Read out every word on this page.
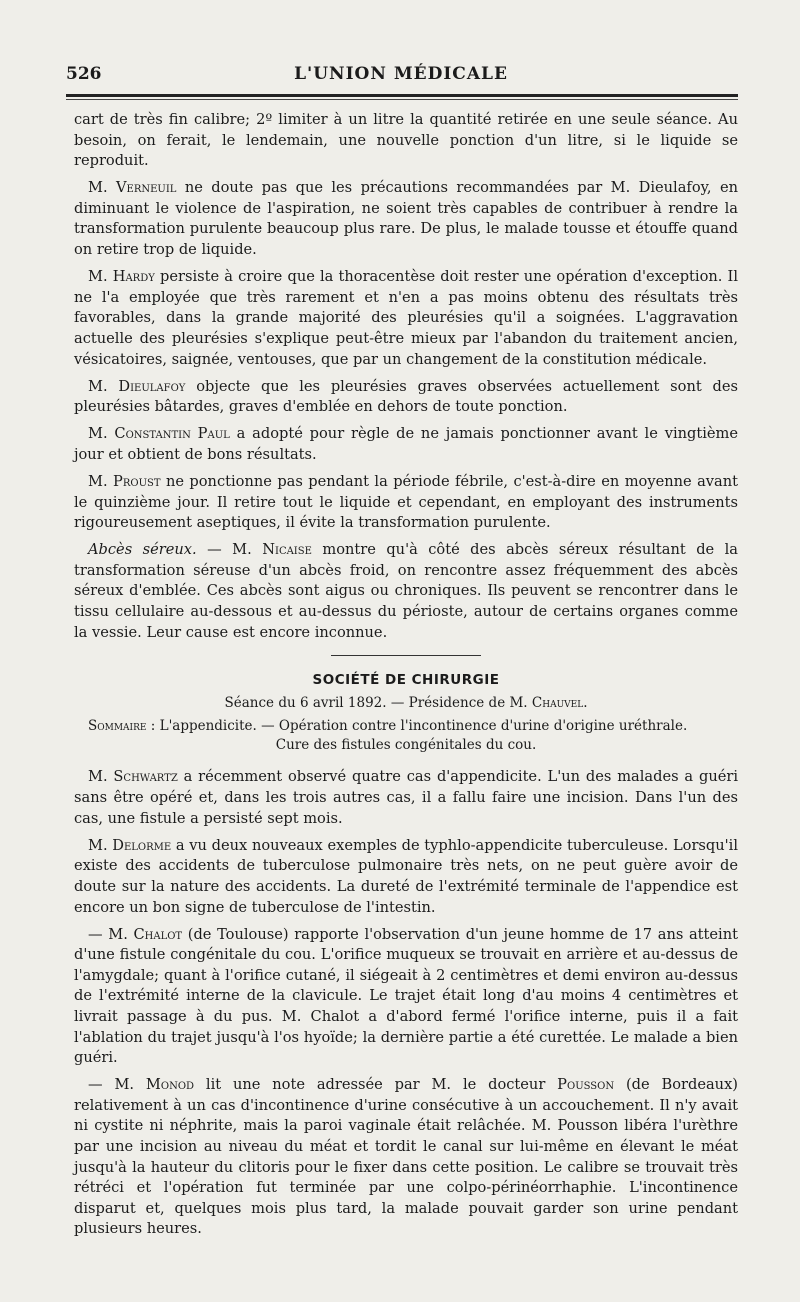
526	L'UNION MÉDICALE

cart de très fin calibre; 2º limiter à un litre la quantité retirée en une seule séance. Au besoin, on ferait, le lendemain, une nouvelle ponction d'un litre, si le liquide se reproduit.

M. Verneuil ne doute pas que les précautions recommandées par M. Dieulafoy, en diminuant le violence de l'aspiration, ne soient très capables de contribuer à rendre la transformation purulente beaucoup plus rare. De plus, le malade tousse et étouffe quand on retire trop de liquide.

M. Hardy persiste à croire que la thoracentèse doit rester une opération d'exception. Il ne l'a employée que très rarement et n'en a pas moins obtenu des résultats très favorables, dans la grande majorité des pleurésies qu'il a soignées. L'aggravation actuelle des pleurésies s'explique peut-être mieux par l'abandon du traitement ancien, vésicatoires, saignée, ventouses, que par un changement de la constitution médicale.

M. Dieulafoy objecte que les pleurésies graves observées actuellement sont des pleurésies bâtardes, graves d'emblée en dehors de toute ponction.

M. Constantin Paul a adopté pour règle de ne jamais ponctionner avant le vingtième jour et obtient de bons résultats.

M. Proust ne ponctionne pas pendant la période fébrile, c'est-à-dire en moyenne avant le quinzième jour. Il retire tout le liquide et cependant, en employant des instruments rigoureusement aseptiques, il évite la transformation purulente.

Abcès séreux. — M. Nicaise montre qu'à côté des abcès séreux résultant de la transformation séreuse d'un abcès froid, on rencontre assez fréquemment des abcès séreux d'emblée. Ces abcès sont aigus ou chroniques. Ils peuvent se rencontrer dans le tissu cellulaire au-dessous et au-dessus du périoste, autour de certains organes comme la vessie. Leur cause est encore inconnue.

SOCIÉTÉ DE CHIRURGIE
Séance du 6 avril 1892. — Présidence de M. Chauvel.
Sommaire : L'appendicite. — Opération contre l'incontinence d'urine d'origine uréthrale.
Cure des fistules congénitales du cou.

M. Schwartz a récemment observé quatre cas d'appendicite. L'un des malades a guéri sans être opéré et, dans les trois autres cas, il a fallu faire une incision. Dans l'un des cas, une fistule a persisté sept mois.

M. Delorme a vu deux nouveaux exemples de typhlo-appendicite tuberculeuse. Lorsqu'il existe des accidents de tuberculose pulmonaire très nets, on ne peut guère avoir de doute sur la nature des accidents. La dureté de l'extrémité terminale de l'appendice est encore un bon signe de tuberculose de l'intestin.

— M. Chalot (de Toulouse) rapporte l'observation d'un jeune homme de 17 ans atteint d'une fistule congénitale du cou. L'orifice muqueux se trouvait en arrière et au-dessus de l'amygdale; quant à l'orifice cutané, il siégeait à 2 centimètres et demi environ au-dessus de l'extrémité interne de la clavicule. Le trajet était long d'au moins 4 centimètres et livrait passage à du pus. M. Chalot a d'abord fermé l'orifice interne, puis il a fait l'ablation du trajet jusqu'à l'os hyoïde; la dernière partie a été curettée. Le malade a bien guéri.

— M. Monod lit une note adressée par M. le docteur Pousson (de Bordeaux) relativement à un cas d'incontinence d'urine consécutive à un accouchement. Il n'y avait ni cystite ni néphrite, mais la paroi vaginale était relâchée. M. Pousson libéra l'urèthre par une incision au niveau du méat et tordit le canal sur lui-même en élevant le méat jusqu'à la hauteur du clitoris pour le fixer dans cette position. Le calibre se trouvait très rétréci et l'opération fut terminée par une colpo-périnéorrhaphie. L'incontinence disparut et, quelques mois plus tard, la malade pouvait garder son urine pendant plusieurs heures.
